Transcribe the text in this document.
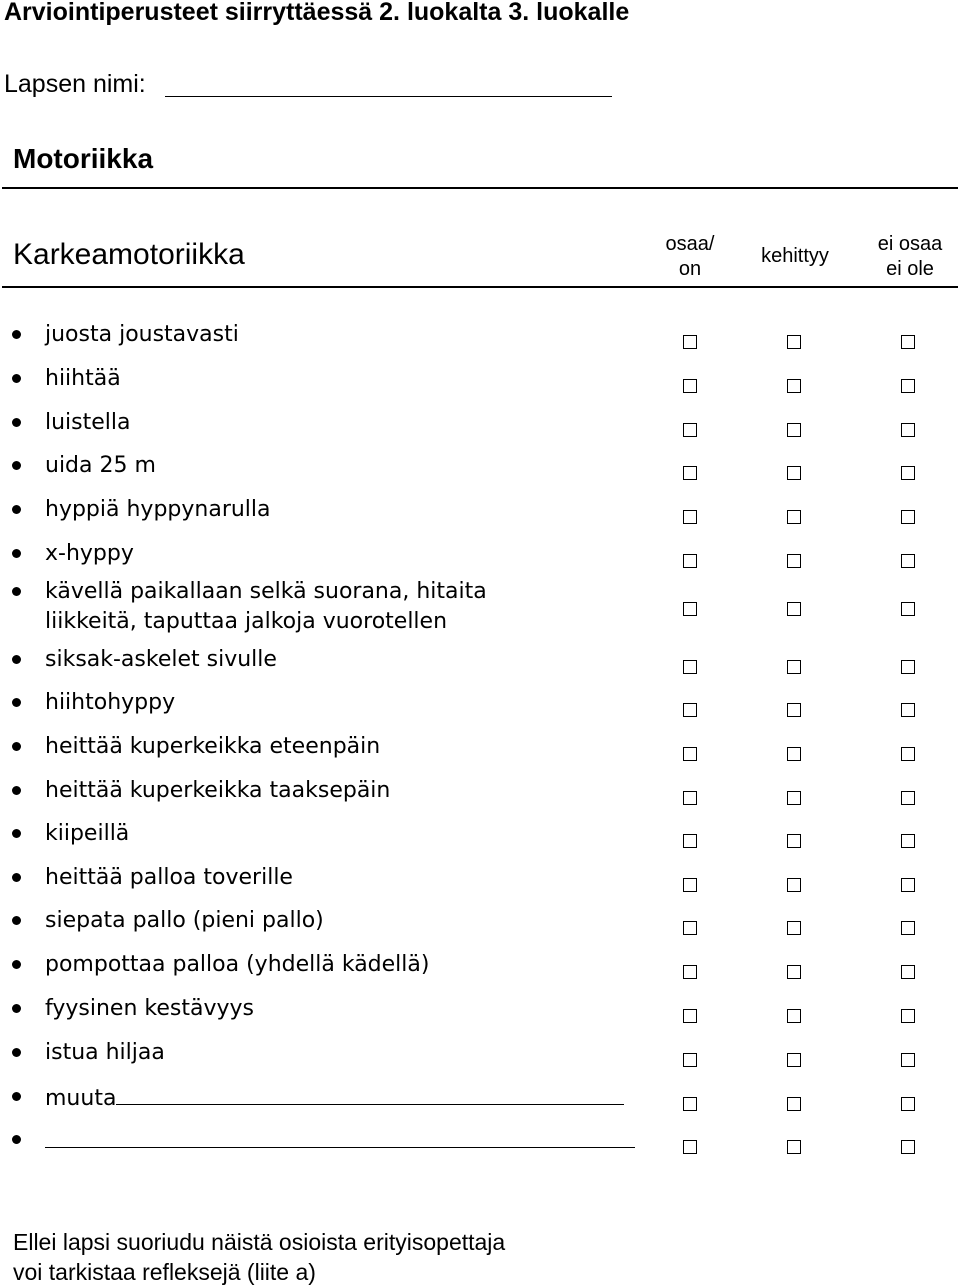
Arviointiperusteet siirryttäessä 2. luokalta 3. luokalle
Lapsen nimi:
Motoriikka
Karkeamotoriikka	osaa/
on
kehittyy
ei osaa
ei ole
juosta joustavasti
hiihtää
luistella
uida 25 m
hyppiä hyppynarulla
x-hyppy
kävellä paikallaan selkä suorana, hitaita
liikkeitä, taputtaa jalkoja vuorotellen
siksak-askelet sivulle
hiihtohyppy
heittää kuperkeikka eteenpäin
heittää kuperkeikka taaksepäin
kiipeillä
heittää palloa toverille
siepata pallo (pieni pallo)
pompottaa palloa (yhdellä kädellä)
fyysinen kestävyys
istua hiljaa
muuta
Ellei lapsi suoriudu näistä osioista erityisopettaja
voi tarkistaa refleksejä (liite a)
